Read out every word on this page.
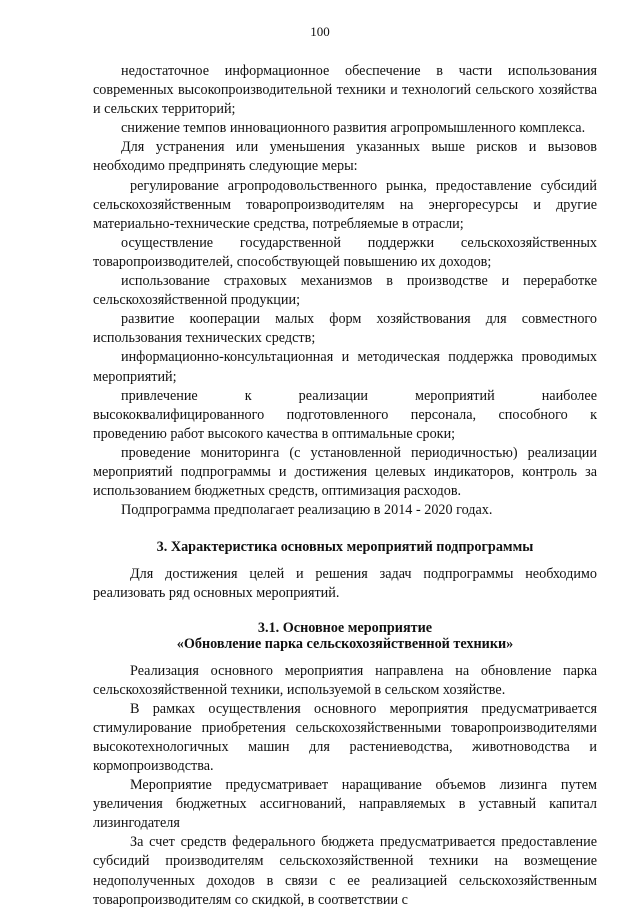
100

недостаточное информационное обеспечение в части использования современных высокопроизводительной техники и технологий сельского хозяйства и сельских территорий;

снижение темпов инновационного развития агропромышленного комплекса.

Для устранения или уменьшения указанных выше рисков и вызовов необходимо предпринять следующие меры:

регулирование агропродовольственного рынка, предоставление субсидий сельскохозяйственным товаропроизводителям на энергоресурсы и другие материально-технические средства, потребляемые в отрасли;

осуществление государственной поддержки сельскохозяйственных товаропроизводителей, способствующей повышению их доходов;

использование страховых механизмов в производстве и переработке сельскохозяйственной продукции;

развитие кооперации малых форм хозяйствования для совместного использования технических средств;

информационно-консультационная и методическая поддержка проводимых мероприятий;

привлечение к реализации мероприятий наиболее высококвалифицированного подготовленного персонала, способного к проведению работ высокого качества в оптимальные сроки;

проведение мониторинга (с установленной периодичностью) реализации мероприятий подпрограммы и достижения целевых индикаторов, контроль за использованием бюджетных средств, оптимизация расходов.

Подпрограмма предполагает реализацию в 2014 - 2020 годах.

3. Характеристика основных мероприятий подпрограммы

Для достижения целей и решения задач подпрограммы необходимо реализовать ряд основных мероприятий.

3.1. Основное мероприятие
«Обновление парка сельскохозяйственной техники»

Реализация основного мероприятия направлена на обновление парка сельскохозяйственной техники, используемой в сельском хозяйстве.

В рамках осуществления основного мероприятия предусматривается стимулирование приобретения сельскохозяйственными товаропроизводителями высокотехнологичных машин для растениеводства, животноводства и кормопроизводства.

Мероприятие предусматривает наращивание объемов лизинга путем увеличения бюджетных ассигнований, направляемых в уставный капитал лизингодателя

За счет средств федерального бюджета предусматривается предоставление субсидий производителям сельскохозяйственной техники на возмещение недополученных доходов в связи с ее реализацией сельскохозяйственным товаропроизводителям со скидкой, в соответствии с
